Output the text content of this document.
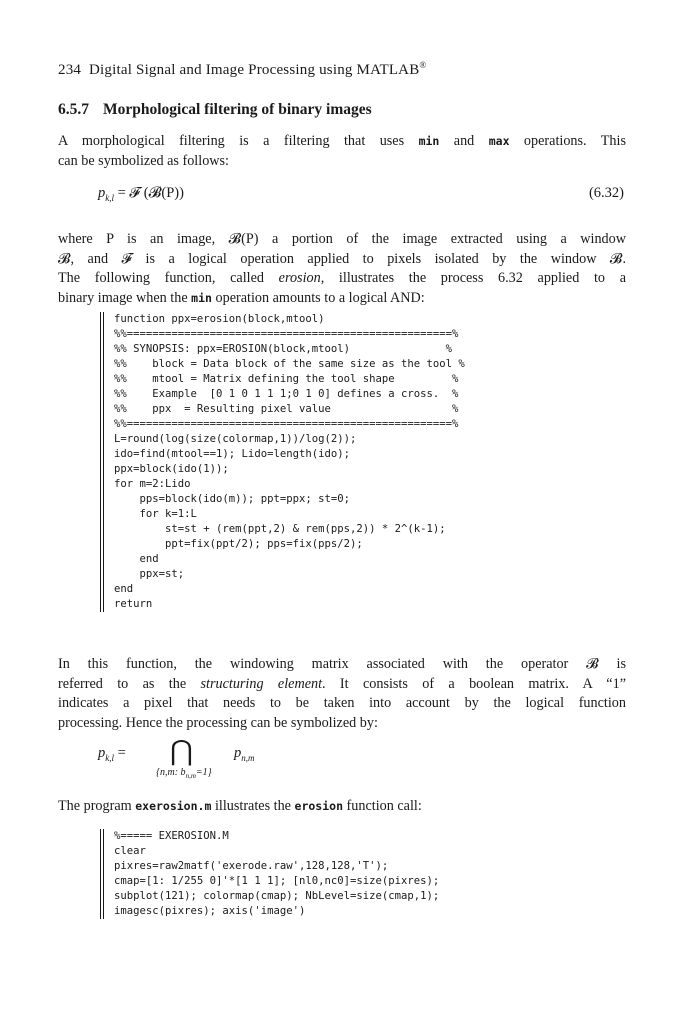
234 Digital Signal and Image Processing using MATLAB®
6.5.7 Morphological filtering of binary images
A morphological filtering is a filtering that uses min and max operations. This
can be symbolized as follows:
$p_{k,l}$ = 𝓕 (𝓑(P))	(6.32)
where P is an image, 𝓑(P) a portion of the image extracted using a window
𝓑, and 𝓕 is a logical operation applied to pixels isolated by the window 𝓑.
The following function, called erosion, illustrates the process 6.32 applied to a
binary image when the min operation amounts to a logical AND:
function ppx=erosion(block,mtool)
%%===================================================%
%% SYNOPSIS: ppx=EROSION(block,mtool)               %
%%    block = Data block of the same size as the tool %
%%    mtool = Matrix defining the tool shape         %
%%    Example  [0 1 0 1 1 1;0 1 0] defines a cross.  %
%%    ppx  = Resulting pixel value                   %
%%===================================================%
L=round(log(size(colormap,1))/log(2));
ido=find(mtool==1); Lido=length(ido);
ppx=block(ido(1));
for m=2:Lido
pps=block(ido(m)); ppt=ppx; st=0;
for k=1:L
st=st + (rem(ppt,2) & rem(pps,2)) * 2^(k-1);
ppt=fix(ppt/2); pps=fix(pps/2);
end
ppx=st;
end
return
In this function, the windowing matrix associated with the operator 𝓑 is
referred to as the structuring element. It consists of a boolean matrix. A “1”
indicates a pixel that needs to be taken into account by the logical function
processing. Hence the processing can be symbolized by:
$p_{k,l}$ = ⋂	$p_{n,m}$
{n,m: $b_{n,m}=1$}
The program exerosion.m illustrates the erosion function call:
%===== EXEROSION.M
clear
pixres=raw2matf('exerode.raw',128,128,'T');
cmap=[1: 1/255 0]'*[1 1 1]; [nl0,nc0]=size(pixres);
subplot(121); colormap(cmap); NbLevel=size(cmap,1);
imagesc(pixres); axis('image')
